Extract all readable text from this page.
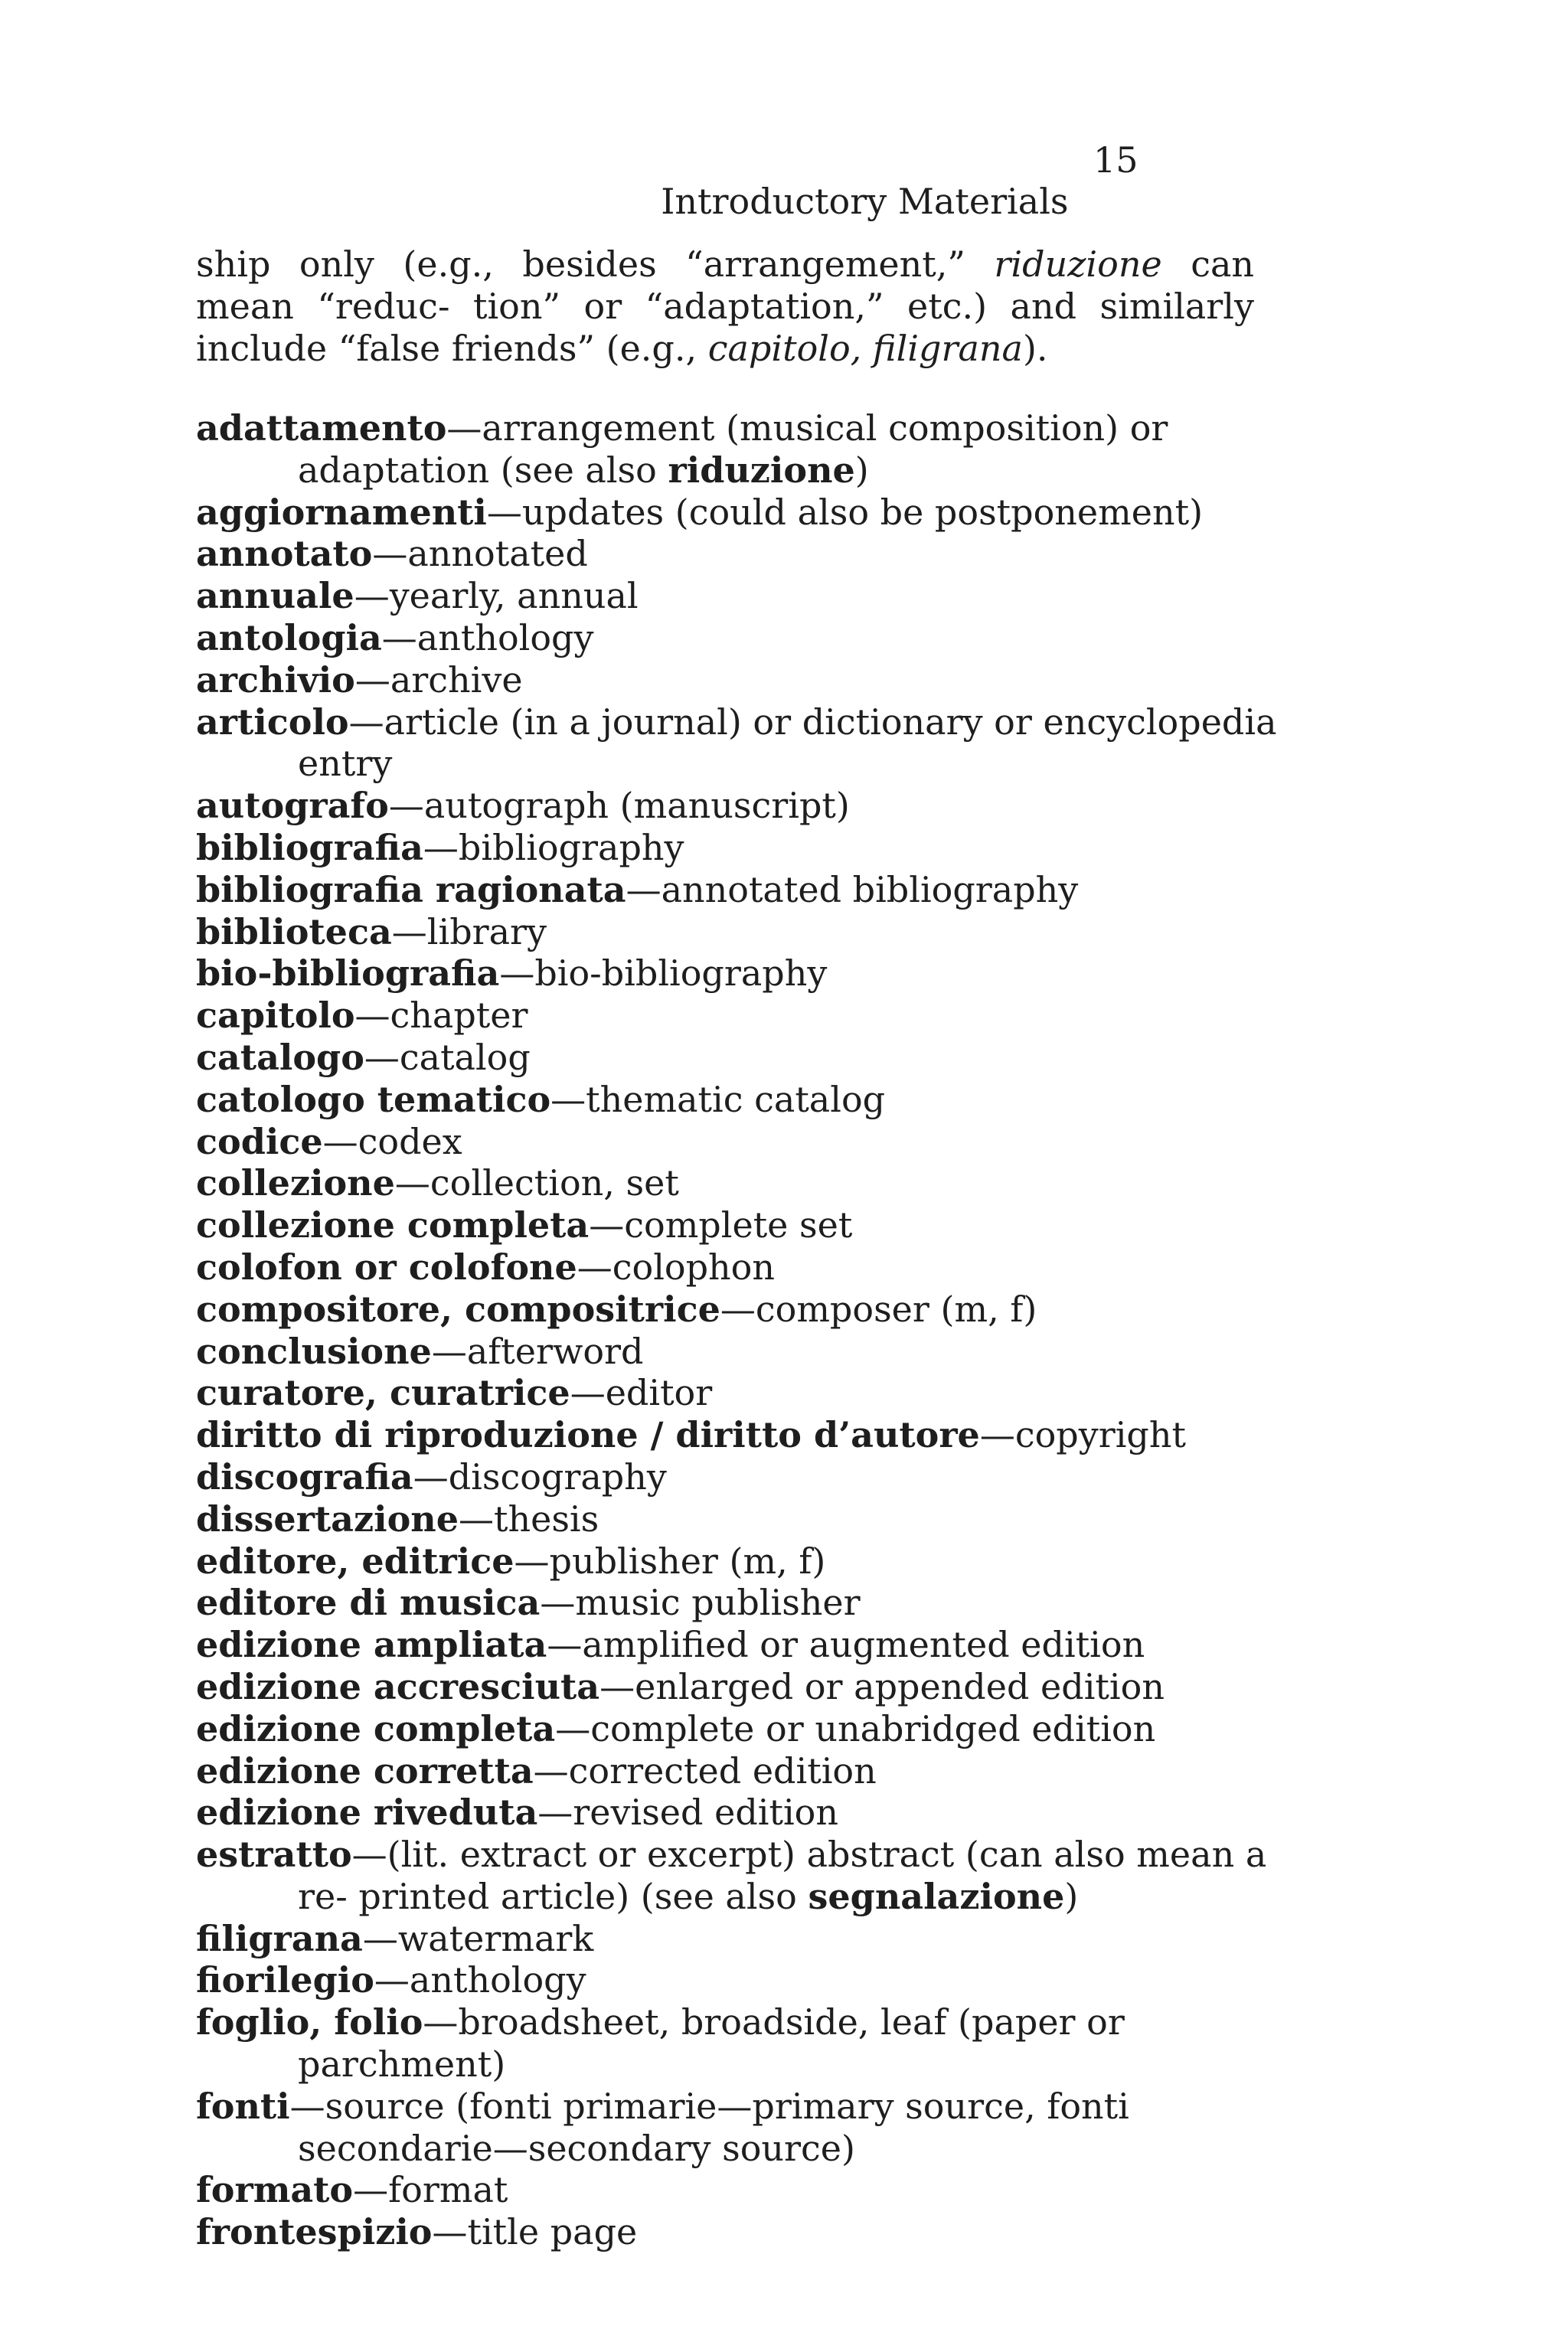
Introductory Materials

15

ship only (e.g., besides “arrangement,” riduzione can mean “reduc- tion” or “adaptation,” etc.) and similarly include “false friends” (e.g., capitolo, filigrana).
adattamento—arrangement (musical composition) or adaptation (see also riduzione)
aggiornamenti—updates (could also be postponement)
annotato—annotated
annuale—yearly, annual
antologia—anthology
archivio—archive
articolo—article (in a journal) or dictionary or encyclopedia entry
autografo—autograph (manuscript)
bibliografia—bibliography
bibliografia ragionata—annotated bibliography
biblioteca—library
bio-bibliografia—bio-bibliography
capitolo—chapter
catalogo—catalog
catologo tematico—thematic catalog
codice—codex
collezione—collection, set
collezione completa—complete set
colofon or colofone—colophon
compositore, compositrice—composer (m, f)
conclusione—afterword
curatore, curatrice—editor
diritto di riproduzione / diritto d’autore—copyright
discografia—discography
dissertazione—thesis
editore, editrice—publisher (m, f)
editore di musica—music publisher
edizione ampliata—amplified or augmented edition
edizione accresciuta—enlarged or appended edition
edizione completa—complete or unabridged edition
edizione corretta—corrected edition
edizione riveduta—revised edition
estratto—(lit. extract or excerpt) abstract (can also mean a re- printed article) (see also segnalazione)
filigrana—watermark
fiorilegio—anthology
foglio, folio—broadsheet, broadside, leaf (paper or parchment)
fonti—source (fonti primarie—primary source, fonti secondarie—secondary source)
formato—format
frontespizio—title page
